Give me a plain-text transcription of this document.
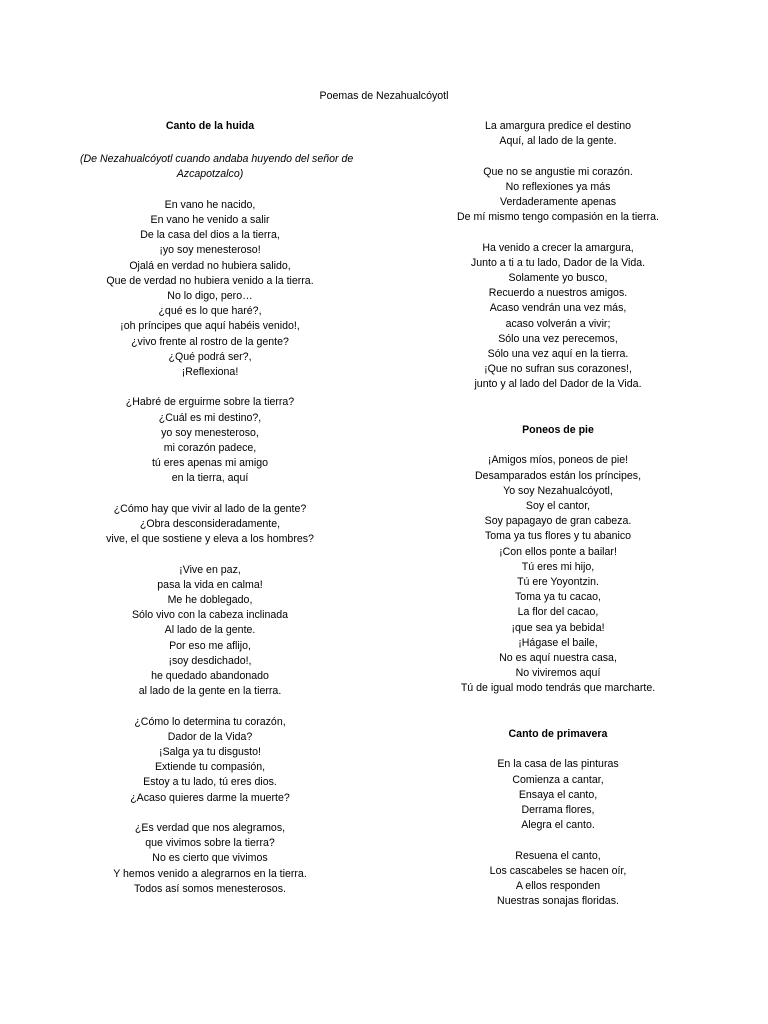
Poemas de Nezahualcóyotl
Canto de la huida
(De Nezahualcóyotl cuando andaba huyendo del señor de
Azcapotzalco)
En vano he nacido,
En vano he venido a salir
De la casa del dios a la tierra,
¡yo soy menesteroso!
Ojalá en verdad no hubiera salido,
Que de verdad no hubiera venido a la tierra.
No lo digo, pero…
¿qué es lo que haré?,
¡oh príncipes que aquí habéis venido!,
¿vivo frente al rostro de la gente?
¿Qué podrá ser?,
¡Reflexiona!
¿Habré de erguirme sobre la tierra?
¿Cuál es mi destino?,
yo soy menesteroso,
mi corazón padece,
tú eres apenas mi amigo
en la tierra, aquí
¿Cómo hay que vivir al lado de la gente?
¿Obra desconsideradamente,
vive, el que sostiene y eleva a los hombres?
¡Vive en paz,
pasa la vida en calma!
Me he doblegado,
Sólo vivo con la cabeza inclinada
Al lado de la gente.
Por eso me aflijo,
¡soy desdichado!,
he quedado abandonado
al lado de la gente en la tierra.
¿Cómo lo determina tu corazón,
Dador de la Vida?
¡Salga ya tu disgusto!
Extiende tu compasión,
Estoy a tu lado, tú eres dios.
¿Acaso quieres darme la muerte?
¿Es verdad que nos alegramos,
que vivimos sobre la tierra?
No es cierto que vivimos
Y hemos venido a alegrarnos en la tierra.
Todos así somos menesterosos.
La amargura predice el destino
Aquí, al lado de la gente.
Que no se angustie mi corazón.
No reflexiones ya más
Verdaderamente apenas
De mí mismo tengo compasión en la tierra.
Ha venido a crecer la amargura,
Junto a ti a tu lado, Dador de la Vida.
Solamente yo busco,
Recuerdo a nuestros amigos.
Acaso vendrán una vez más,
acaso volverán a vivir;
Sólo una vez perecemos,
Sólo una vez aquí en la tierra.
¡Que no sufran sus corazones!,
junto y al lado del Dador de la Vida.
Poneos de pie
¡Amigos míos, poneos de pie!
Desamparados están los príncipes,
Yo soy Nezahualcóyotl,
Soy el cantor,
Soy papagayo de gran cabeza.
Toma ya tus flores y tu abanico
¡Con ellos ponte a bailar!
Tú eres mi hijo,
Tú ere Yoyontzin.
Toma ya tu cacao,
La flor del cacao,
¡que sea ya bebida!
¡Hágase el baile,
No es aquí nuestra casa,
No viviremos aquí
Tú de igual modo tendrás que marcharte.
Canto de primavera
En la casa de las pinturas
Comienza a cantar,
Ensaya el canto,
Derrama flores,
Alegra el canto.
Resuena el canto,
Los cascabeles se hacen oír,
A ellos responden
Nuestras sonajas floridas.
